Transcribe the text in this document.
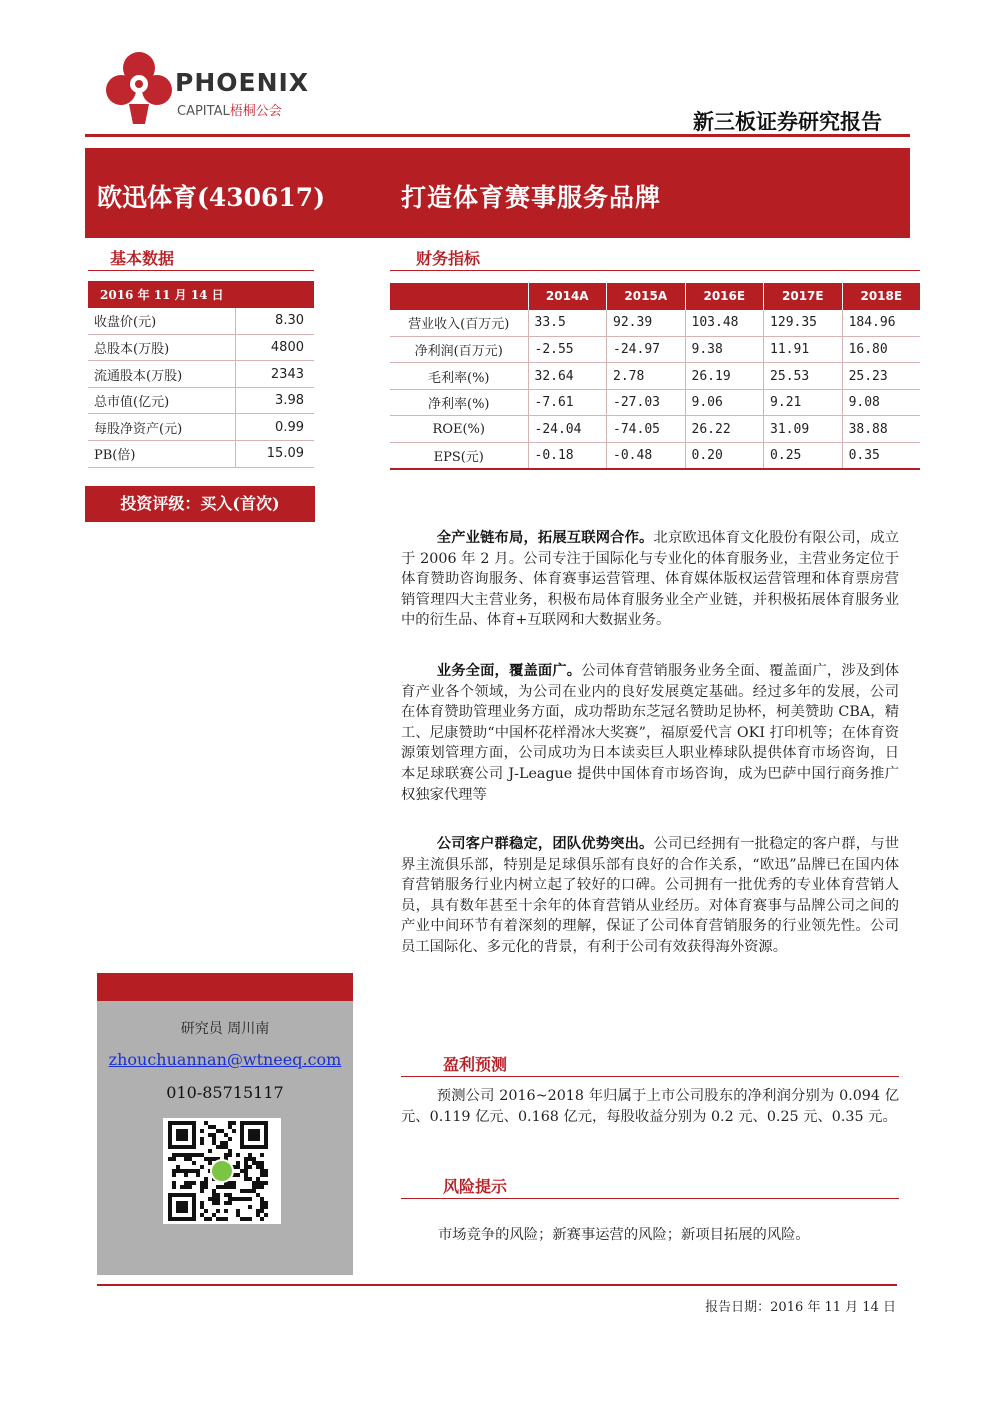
PHOENIX
CAPITAL梧桐公会	新三板证券研究报告
欧迅体育(430617)	打造体育赛事服务品牌
基本数据
2016 年 11 月 14 日	
收盘价(元)	8.30
总股本(万股)	4800
流通股本(万股)	2343
总市值(亿元)	3.98
每股净资产(元)	0.99
PB(倍)	15.09
财务指标
	2014A	2015A	2016E	2017E	2018E
营业收入(百万元)	33.5	92.39	103.48	129.35	184.96
净利润(百万元)	-2.55	-24.97	9.38	11.91	16.80
毛利率(%)	32.64	2.78	26.19	25.53	25.23
净利率(%)	-7.61	-27.03	9.06	9.21	9.08
ROE(%)	-24.04	-74.05	26.22	31.09	38.88
EPS(元)	-0.18	-0.48	0.20	0.25	0.35
投资评级：买入(首次)
全产业链布局，拓展互联网合作。北京欧迅体育文化股份有限公司，成立于 2006 年 2 月。公司专注于国际化与专业化的体育服务业，主营业务定位于体育赞助咨询服务、体育赛事运营管理、体育媒体版权运营管理和体育票房营销管理四大主营业务，积极布局体育服务业全产业链，并积极拓展体育服务业中的衍生品、体育+互联网和大数据业务。
业务全面，覆盖面广。公司体育营销服务业务全面、覆盖面广，涉及到体育产业各个领域，为公司在业内的良好发展奠定基础。经过多年的发展，公司在体育赞助管理业务方面，成功帮助东芝冠名赞助足协杯，柯美赞助 CBA，精工、尼康赞助“中国杯花样滑冰大奖赛”，福原爱代言 OKI 打印机等；在体育资源策划管理方面，公司成功为日本读卖巨人职业棒球队提供体育市场咨询，日本足球联赛公司 J-League 提供中国体育市场咨询，成为巴萨中国行商务推广权独家代理等
公司客户群稳定，团队优势突出。公司已经拥有一批稳定的客户群，与世界主流俱乐部，特别是足球俱乐部有良好的合作关系，“欧迅”品牌已在国内体育营销服务行业内树立起了较好的口碑。公司拥有一批优秀的专业体育营销人员，具有数年甚至十余年的体育营销从业经历。对体育赛事与品牌公司之间的产业中间环节有着深刻的理解，保证了公司体育营销服务的行业领先性。公司员工国际化、多元化的背景，有利于公司有效获得海外资源。
研究员 周川南
zhouchuannan@wtneeq.com
010-85715117
盈利预测
预测公司 2016~2018 年归属于上市公司股东的净利润分别为 0.094 亿元、0.119 亿元、0.168 亿元，每股收益分别为 0.2 元、0.25 元、0.35 元。
风险提示
市场竞争的风险；新赛事运营的风险；新项目拓展的风险。
报告日期：2016 年 11 月 14 日
